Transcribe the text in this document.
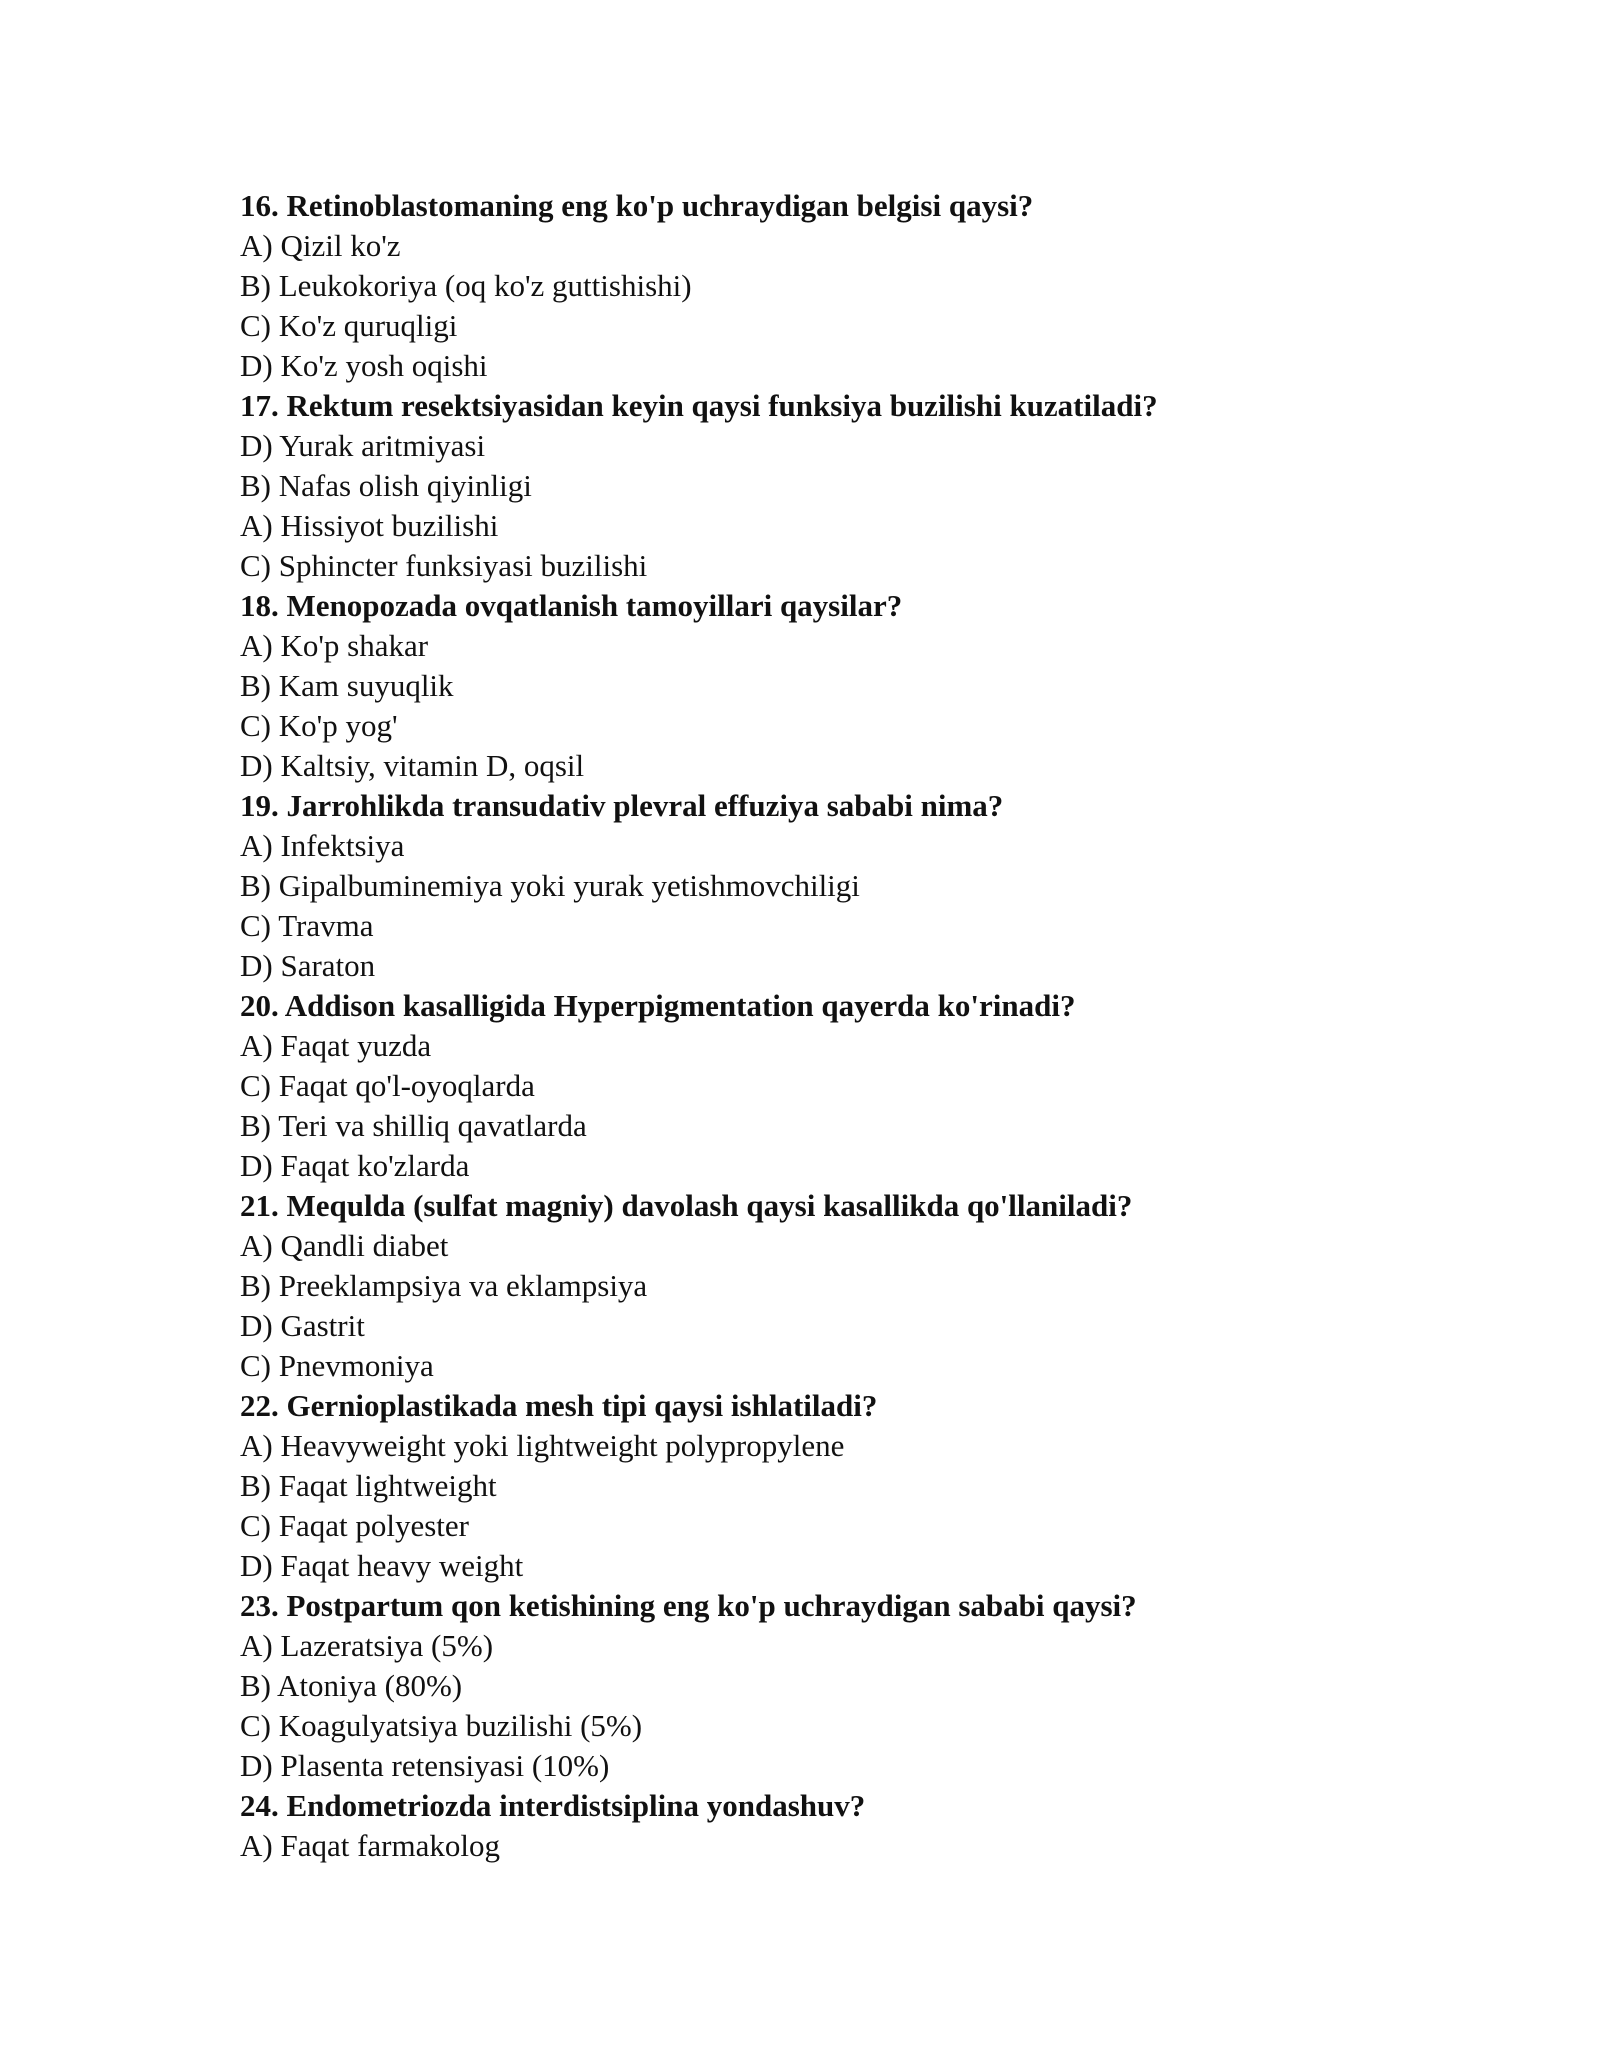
16. Retinoblastomaning eng ko'p uchraydigan belgisi qaysi?
A) Qizil ko'z
B) Leukokoriya (oq ko'z guttishishi)
C) Ko'z quruqligi
D) Ko'z yosh oqishi
17. Rektum resektsiyasidan keyin qaysi funksiya buzilishi kuzatiladi?
D) Yurak aritmiyasi
B) Nafas olish qiyinligi
A) Hissiyot buzilishi
C) Sphincter funksiyasi buzilishi
18. Menopozada ovqatlanish tamoyillari qaysilar?
A) Ko'p shakar
B) Kam suyuqlik
C) Ko'p yog'
D) Kaltsiy, vitamin D, oqsil
19. Jarrohlikda transudativ plevral effuziya sababi nima?
A) Infektsiya
B) Gipalbuminemiya yoki yurak yetishmovchiligi
C) Travma
D) Saraton
20. Addison kasalligida Hyperpigmentation qayerda ko'rinadi?
A) Faqat yuzda
C) Faqat qo'l-oyoqlarda
B) Teri va shilliq qavatlarda
D) Faqat ko'zlarda
21. Mequlda (sulfat magniy) davolash qaysi kasallikda qo'llaniladi?
A) Qandli diabet
B) Preeklampsiya va eklampsiya
D) Gastrit
C) Pnevmoniya
22. Gernioplastikada mesh tipi qaysi ishlatiladi?
A) Heavyweight yoki lightweight polypropylene
B) Faqat lightweight
C) Faqat polyester
D) Faqat heavy weight
23. Postpartum qon ketishining eng ko'p uchraydigan sababi qaysi?
A) Lazeratsiya (5%)
B) Atoniya (80%)
C) Koagulyatsiya buzilishi (5%)
D) Plasenta retensiyasi (10%)
24. Endometriozda interdistsiplina yondashuv?
A) Faqat farmakolog
